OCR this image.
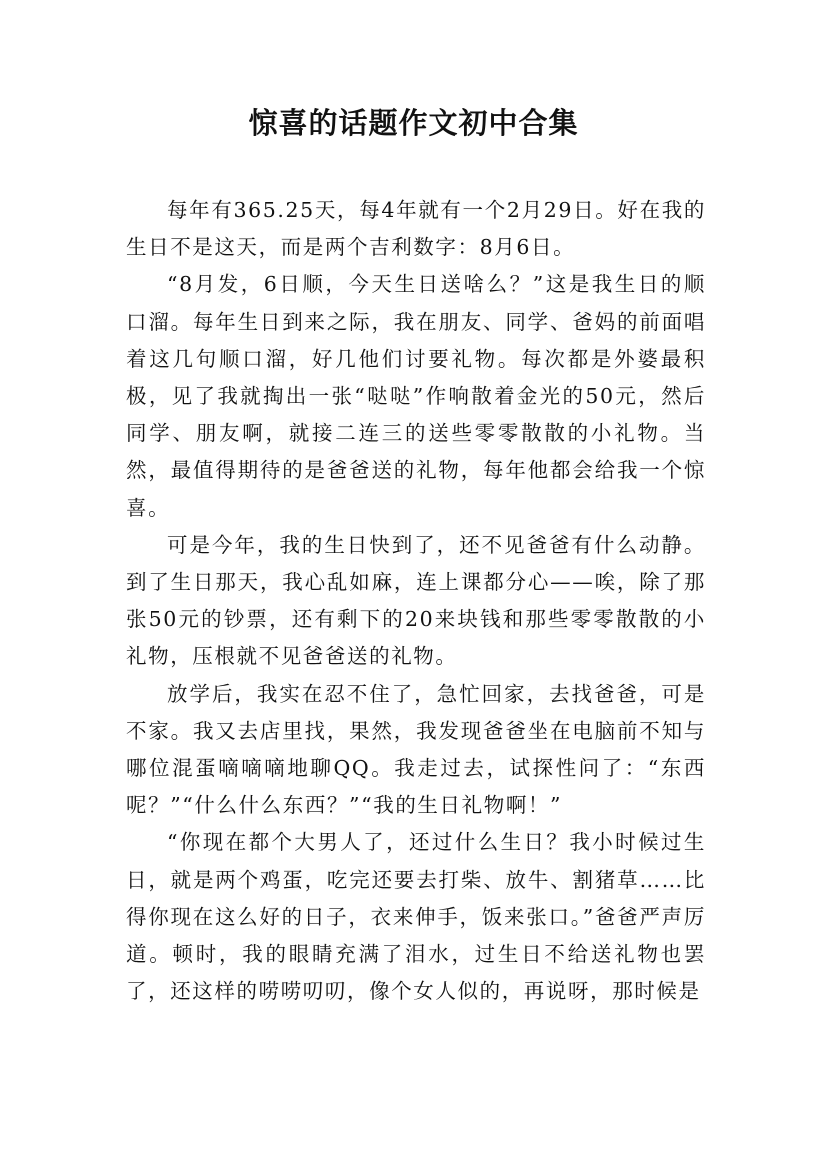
惊喜的话题作文初中合集

每年有365.25天，每4年就有一个2月29日。好在我的生日不是这天，而是两个吉利数字：8月6日。

“8月发，6日顺，今天生日送啥么？”这是我生日的顺口溜。每年生日到来之际，我在朋友、同学、爸妈的前面唱着这几句顺口溜，好几他们讨要礼物。每次都是外婆最积极，见了我就掏出一张“哒哒”作响散着金光的50元，然后同学、朋友啊，就接二连三的送些零零散散的小礼物。当然，最值得期待的是爸爸送的礼物，每年他都会给我一个惊喜。

可是今年，我的生日快到了，还不见爸爸有什么动静。到了生日那天，我心乱如麻，连上课都分心——唉，除了那张50元的钞票，还有剩下的20来块钱和那些零零散散的小礼物，压根就不见爸爸送的礼物。

放学后，我实在忍不住了，急忙回家，去找爸爸，可是不家。我又去店里找，果然，我发现爸爸坐在电脑前不知与哪位混蛋嘀嘀嘀地聊QQ。我走过去，试探性问了：“东西呢？”“什么什么东西？”“我的生日礼物啊！”

“你现在都个大男人了，还过什么生日？我小时候过生日，就是两个鸡蛋，吃完还要去打柴、放牛、割猪草……比得你现在这么好的日子，衣来伸手，饭来张口。”爸爸严声厉道。顿时，我的眼睛充满了泪水，过生日不给送礼物也罢了，还这样的唠唠叨叨，像个女人似的，再说呀，那时候是
